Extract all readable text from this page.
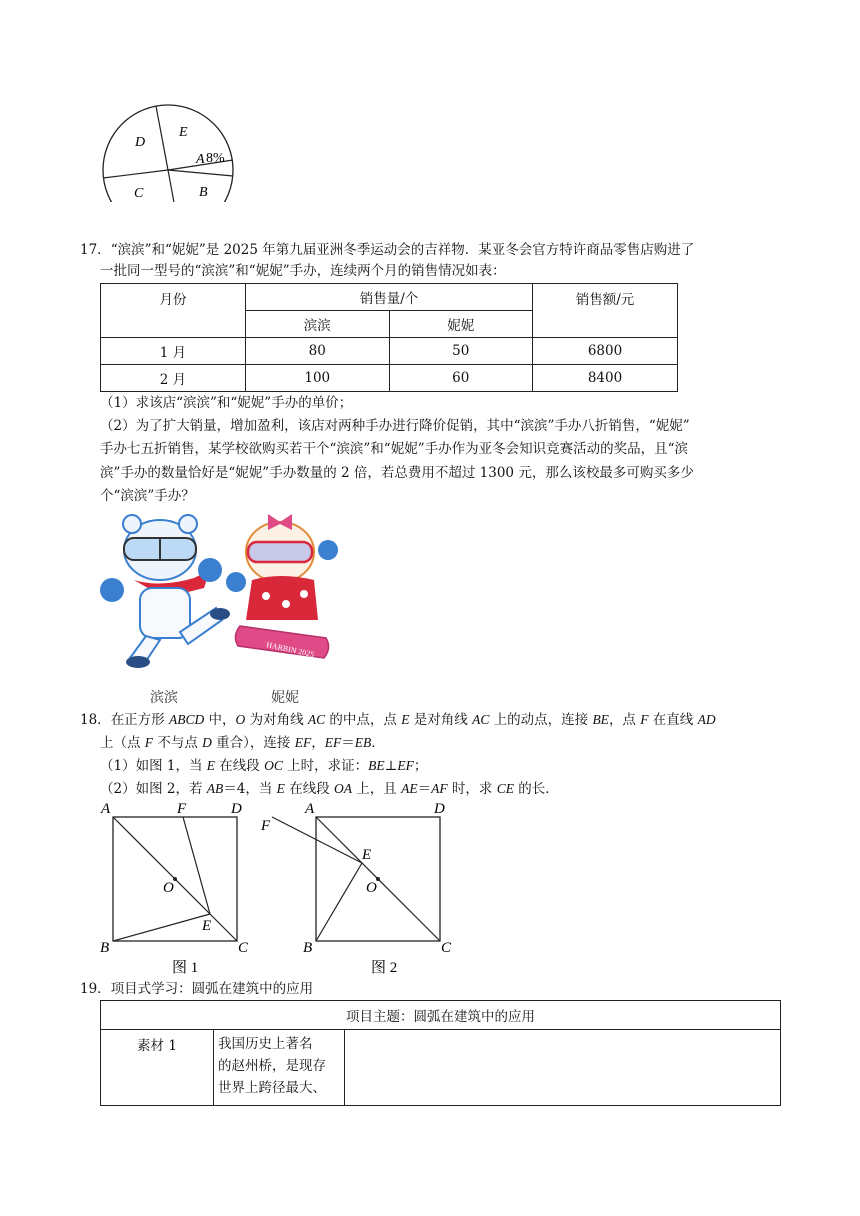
D
E
A 8%
C	B
17．“滨滨”和“妮妮”是 2025 年第九届亚洲冬季运动会的吉祥物．某亚冬会官方特许商品零售店购进了
一批同一型号的“滨滨”和“妮妮”手办，连续两个月的销售情况如表：
月份	销售量/个		销售额/元
	滨滨	妮妮	
1 月	80	50	6800
2 月	100	60	8400
（1）求该店“滨滨”和“妮妮”手办的单价；
（2）为了扩大销量，增加盈利，该店对两种手办进行降价促销，其中“滨滨”手办八折销售，“妮妮”
手办七五折销售，某学校欲购买若干个“滨滨”和“妮妮”手办作为亚冬会知识竞赛活动的奖品，且“滨
滨”手办的数量恰好是“妮妮”手办数量的 2 倍，若总费用不超过 1300 元，那么该校最多可购买多少
个“滨滨”手办？
HARBIN 2025
滨滨	妮妮
18．在正方形 ABCD 中，O 为对角线 AC 的中点，点 E 是对角线 AC 上的动点，连接 BE，点 F 在直线 AD
上（点 F 不与点 D 重合），连接 EF，EF＝EB．
（1）如图 1，当 E 在线段 OC 上时，求证：BE⊥EF；
（2）如图 2，若 AB＝4，当 E 在线段 OA 上，且 AE＝AF 时，求 CE 的长．
A	F	D
O
E
B	C
图 1
F
A	D
E
O
B	C
图 2
19．项目式学习：圆弧在建筑中的应用
项目主题：圆弧在建筑中的应用
素材 1	我国历史上著名
的赵州桥，是现存
世界上跨径最大、
